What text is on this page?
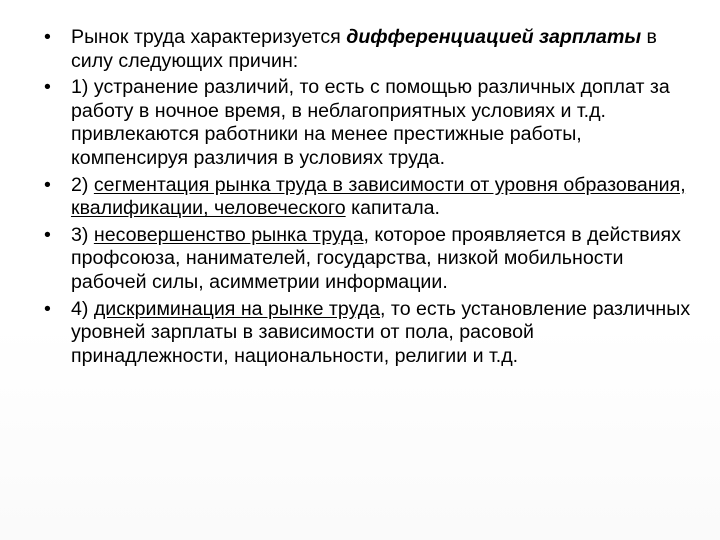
•	Рынок труда характеризуется дифференциацией зарплаты в силу следующих причин:
•	1) устранение различий, то есть с помощью различных доплат за работу в ночное время, в неблагоприятных условиях и т.д. привлекаются работники на менее престижные работы, компенсируя различия в условиях труда.
•	2) сегментация рынка труда в зависимости от уровня образования, квалификации, человеческого капитала.
•	3) несовершенство рынка труда, которое проявляется в действиях профсоюза, нанимателей, государства, низкой мобильности рабочей силы, асимметрии информации.
•	4) дискриминация на рынке труда, то есть установление различных уровней зарплаты в зависимости от пола, расовой принадлежности, национальности, религии и т.д.
